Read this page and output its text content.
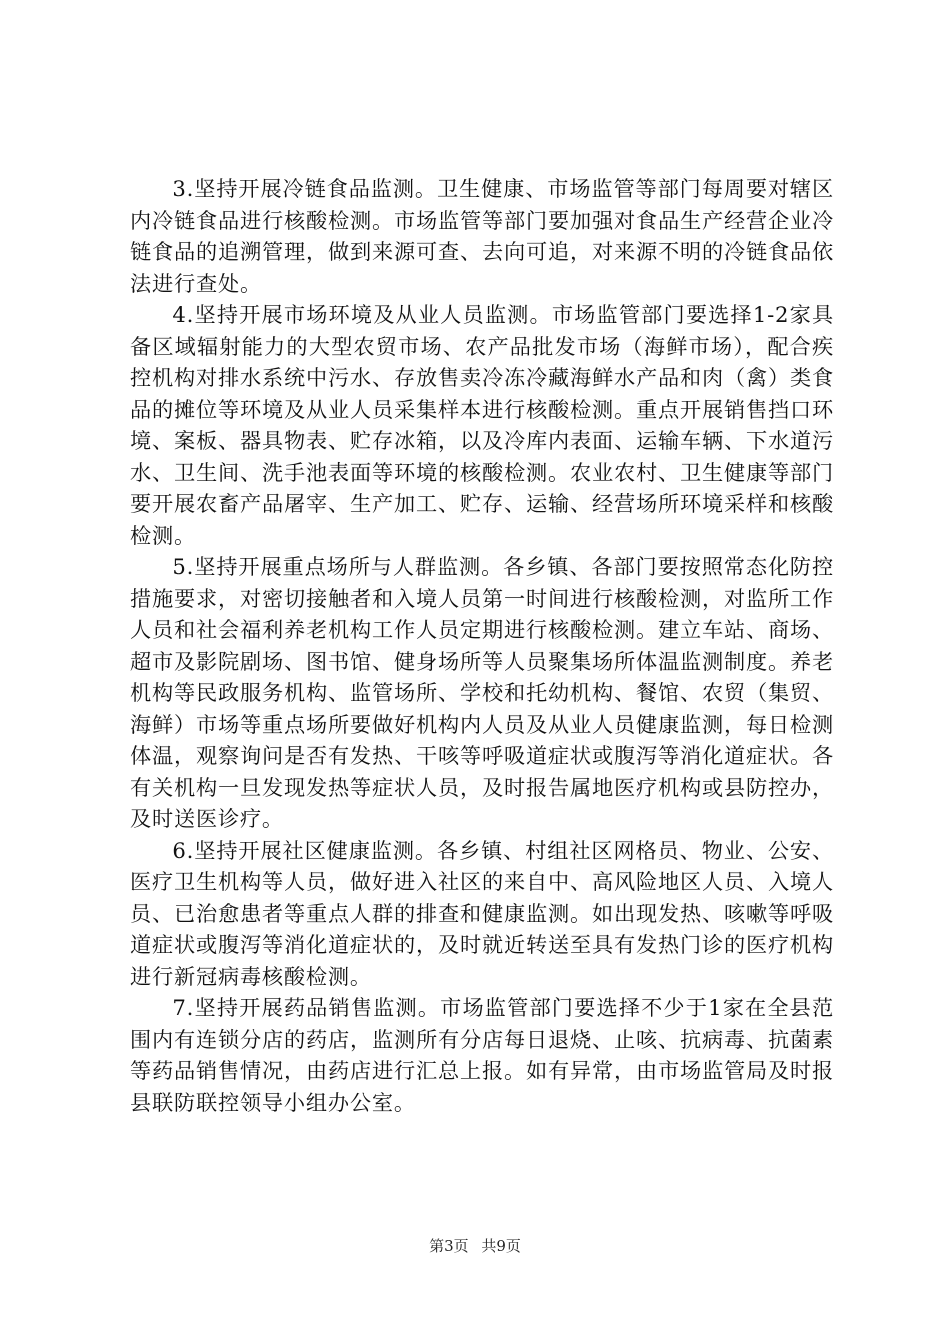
3.坚持开展冷链食品监测。卫生健康、市场监管等部门每周要对辖区内冷链食品进行核酸检测。市场监管等部门要加强对食品生产经营企业冷链食品的追溯管理，做到来源可查、去向可追，对来源不明的冷链食品依法进行查处。

4.坚持开展市场环境及从业人员监测。市场监管部门要选择1-2家具备区域辐射能力的大型农贸市场、农产品批发市场（海鲜市场），配合疾控机构对排水系统中污水、存放售卖冷冻冷藏海鲜水产品和肉（禽）类食品的摊位等环境及从业人员采集样本进行核酸检测。重点开展销售挡口环境、案板、器具物表、贮存冰箱，以及冷库内表面、运输车辆、下水道污水、卫生间、洗手池表面等环境的核酸检测。农业农村、卫生健康等部门要开展农畜产品屠宰、生产加工、贮存、运输、经营场所环境采样和核酸检测。

5.坚持开展重点场所与人群监测。各乡镇、各部门要按照常态化防控措施要求，对密切接触者和入境人员第一时间进行核酸检测，对监所工作人员和社会福利养老机构工作人员定期进行核酸检测。建立车站、商场、超市及影院剧场、图书馆、健身场所等人员聚集场所体温监测制度。养老机构等民政服务机构、监管场所、学校和托幼机构、餐馆、农贸（集贸、海鲜）市场等重点场所要做好机构内人员及从业人员健康监测，每日检测体温，观察询问是否有发热、干咳等呼吸道症状或腹泻等消化道症状。各有关机构一旦发现发热等症状人员，及时报告属地医疗机构或县防控办，及时送医诊疗。

6.坚持开展社区健康监测。各乡镇、村组社区网格员、物业、公安、医疗卫生机构等人员，做好进入社区的来自中、高风险地区人员、入境人员、已治愈患者等重点人群的排查和健康监测。如出现发热、咳嗽等呼吸道症状或腹泻等消化道症状的，及时就近转送至具有发热门诊的医疗机构进行新冠病毒核酸检测。

7.坚持开展药品销售监测。市场监管部门要选择不少于1家在全县范围内有连锁分店的药店，监测所有分店每日退烧、止咳、抗病毒、抗菌素等药品销售情况，由药店进行汇总上报。如有异常，由市场监管局及时报县联防联控领导小组办公室。

第3页 共9页
